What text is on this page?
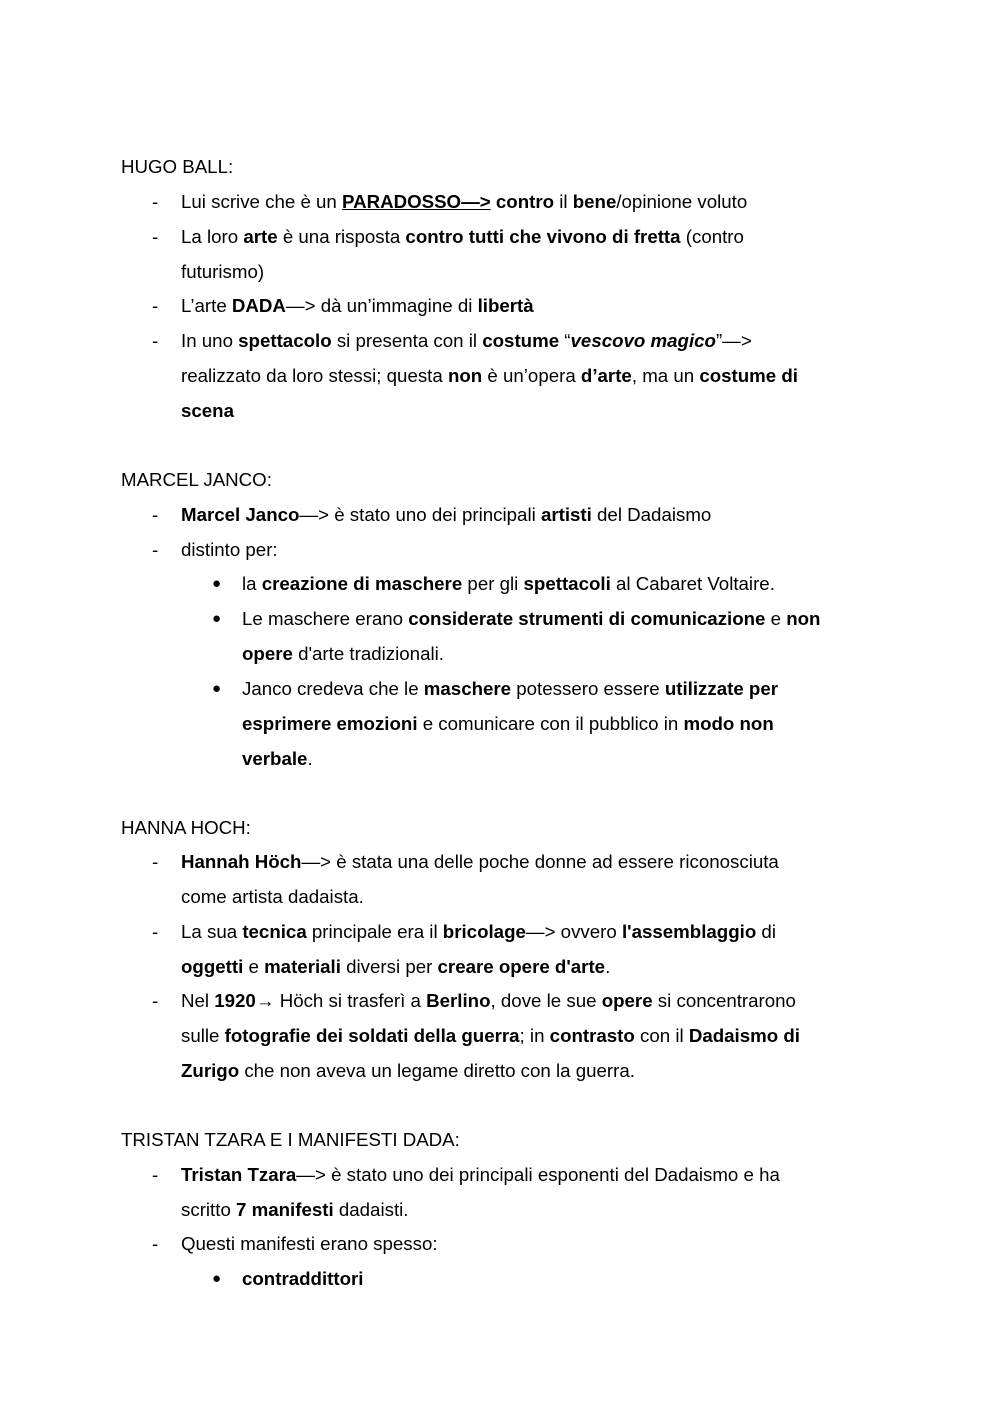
HUGO BALL:
- Lui scrive che è un PARADOSSO—> contro il bene/opinione voluto
- La loro arte è una risposta contro tutti che vivono di fretta (contro
futurismo)
- L’arte DADA—> dà un’immagine di libertà
- In uno spettacolo si presenta con il costume “vescovo magico”—>
realizzato da loro stessi; questa non è un’opera d’arte, ma un costume di
scena
MARCEL JANCO:
- Marcel Janco—> è stato uno dei principali artisti del Dadaismo
- distinto per:
● la creazione di maschere per gli spettacoli al Cabaret Voltaire.
● Le maschere erano considerate strumenti di comunicazione e non
opere d'arte tradizionali.
● Janco credeva che le maschere potessero essere utilizzate per
esprimere emozioni e comunicare con il pubblico in modo non
verbale.
HANNA HOCH:
- Hannah Höch—> è stata una delle poche donne ad essere riconosciuta
come artista dadaista.
- La sua tecnica principale era il bricolage—> ovvero l'assemblaggio di
oggetti e materiali diversi per creare opere d'arte.
- Nel 1920→ Höch si trasferì a Berlino, dove le sue opere si concentrarono
sulle fotografie dei soldati della guerra; in contrasto con il Dadaismo di
Zurigo che non aveva un legame diretto con la guerra.
TRISTAN TZARA E I MANIFESTI DADA:
- Tristan Tzara—> è stato uno dei principali esponenti del Dadaismo e ha
scritto 7 manifesti dadaisti.
- Questi manifesti erano spesso:
● contraddittori
